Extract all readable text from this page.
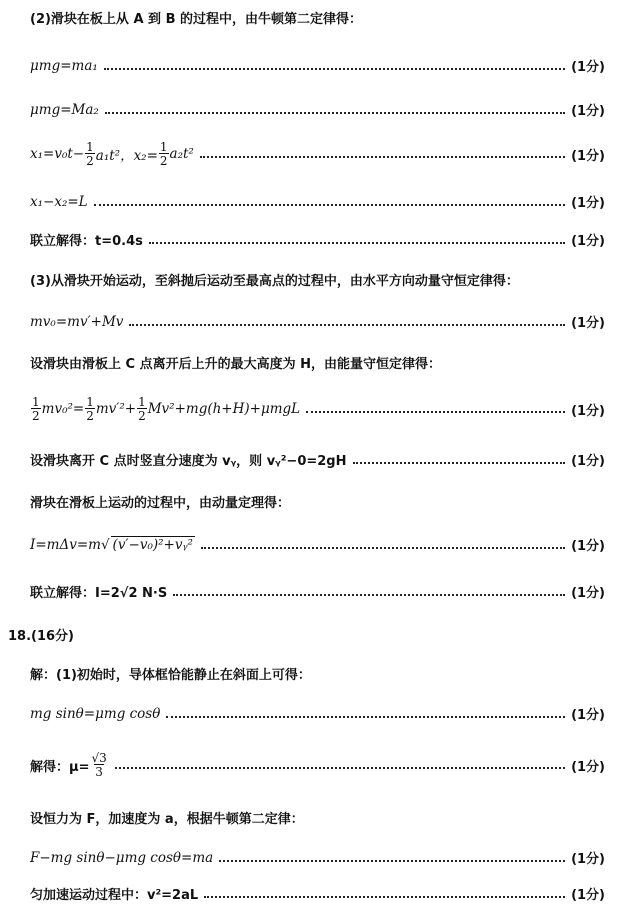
(2)滑块在板上从 A 到 B 的过程中，由牛顿第二定律得：
μmg=ma₁	(1分)
μmg=Ma₂	(1分)
$x_1=v_0t- \frac{1}{2} a_1t^2$，$x_2= \frac{1}{2} a_2t^2$	(1分)
x₁−x₂=L	(1分)
联立解得：t=0.4s	(1分)
(3)从滑块开始运动，至斜抛后运动至最高点的过程中，由水平方向动量守恒定律得：
mv₀=mv′+Mv	(1分)
设滑块由滑板上 C 点离开后上升的最大高度为 H，由能量守恒定律得：
$\frac{1}{2} mv_0^2= \frac{1}{2} mv'^2+ \frac{1}{2} Mv^2+mg(h+H)+\mu mgL$	(1分)
设滑块离开 C 点时竖直分速度为 vᵧ，则 vᵧ²−0=2gH	(1分)
滑块在滑板上运动的过程中，由动量定理得：
I=mΔv=m √ (v′−v₀)²+vᵧ²	(1分)
联立解得：I=2√2 N·S	(1分)
18.(16分)
解：(1)初始时，导体框恰能静止在斜面上可得：
mg sinθ=μmg cosθ	(1分)
解得：$\mu= \frac{√3}{3}$	(1分)
设恒力为 F，加速度为 a，根据牛顿第二定律：
F−mg sinθ−μmg cosθ=ma	(1分)
匀加速运动过程中：v²=2aL	(1分)
